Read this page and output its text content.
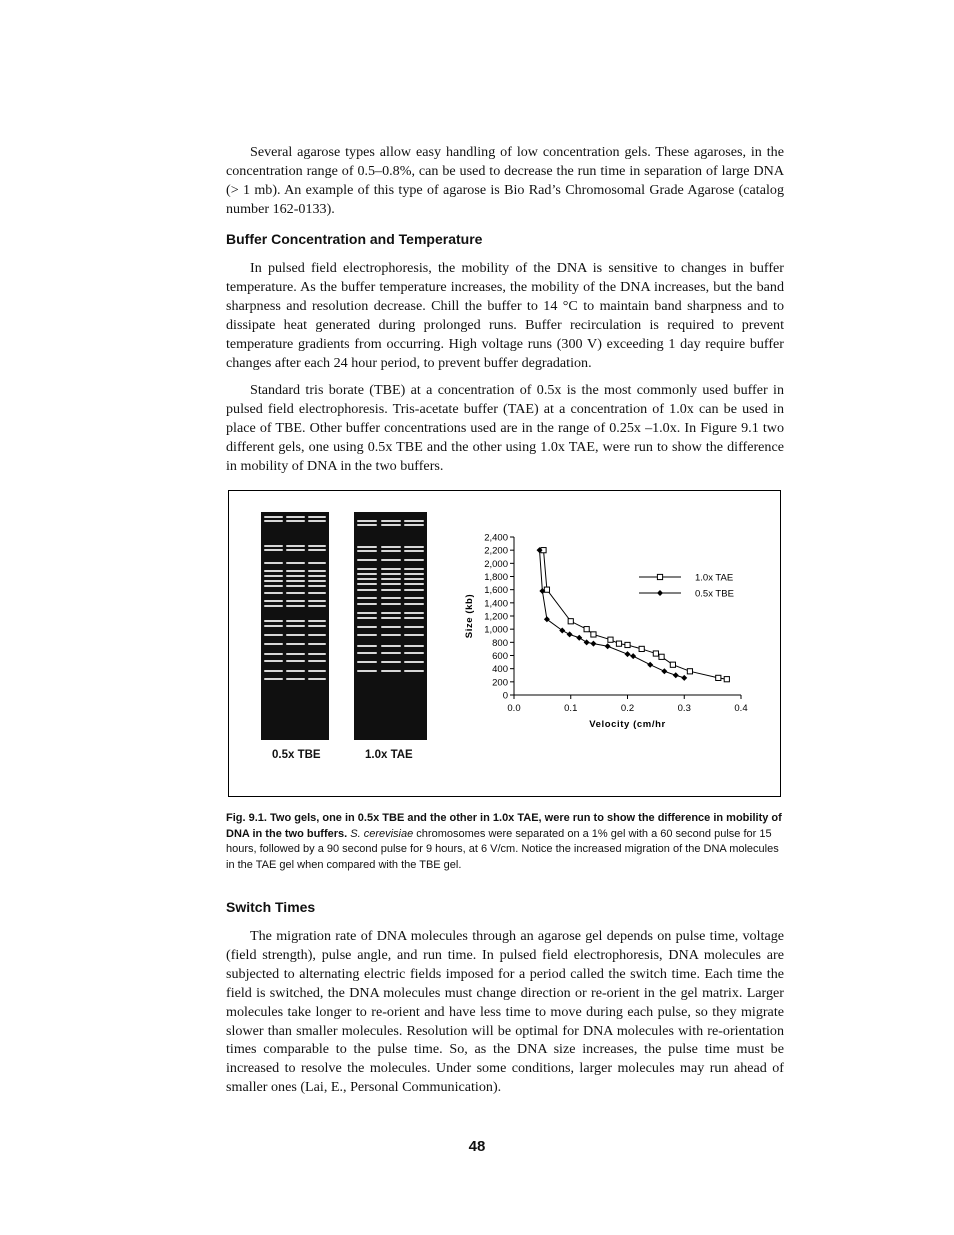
Several agarose types allow easy handling of low concentration gels. These agaroses, in the concentration range of 0.5–0.8%, can be used to decrease the run time in separation of large DNA (> 1 mb). An example of this type of agarose is Bio Rad’s Chromosomal Grade Agarose (catalog number 162-0133).

Buffer Concentration and Temperature

In pulsed field electrophoresis, the mobility of the DNA is sensitive to changes in buffer temperature. As the buffer temperature increases, the mobility of the DNA increases, but the band sharpness and resolution decrease. Chill the buffer to 14 °C to maintain band sharpness and to dissipate heat generated during prolonged runs. Buffer recirculation is required to prevent temperature gradients from occurring. High voltage runs (300 V) exceeding 1 day require buffer changes after each 24 hour period, to prevent buffer degradation.

Standard tris borate (TBE) at a concentration of 0.5x is the most commonly used buffer in pulsed field electrophoresis. Tris-acetate buffer (TAE) at a concentration of 1.0x can be used in place of TBE. Other buffer concentrations used are in the range of 0.25x –1.0x. In Figure 9.1 two different gels, one using 0.5x TBE and the other using 1.0x TAE, were run to show the difference in mobility of DNA in the two buffers.

0.5x TBE	1.0x TAE
0
200
400
600
800
1,000
1,200
1,400
1,600
1,800
2,000
2,200
2,400
0.0	0.1	0.2	0.3	0.4
Velocity (cm/hr
Size (kb)
1.0x TAE
0.5x TBE
Fig. 9.1. Two gels, one in 0.5x TBE and the other in 1.0x TAE, were run to show the difference in mobility of DNA in the two buffers. S. cerevisiae chromosomes were separated on a 1% gel with a 60 second pulse for 15 hours, followed by a 90 second pulse for 9 hours, at 6 V/cm. Notice the increased migration of the DNA molecules in the TAE gel when compared with the TBE gel.
Switch Times

The migration rate of DNA molecules through an agarose gel depends on pulse time, voltage (field strength), pulse angle, and run time. In pulsed field electrophoresis, DNA molecules are subjected to alternating electric fields imposed for a period called the switch time. Each time the field is switched, the DNA molecules must change direction or re-orient in the gel matrix. Larger molecules take longer to re-orient and have less time to move during each pulse, so they migrate slower than smaller molecules. Resolution will be optimal for DNA molecules with re-orientation times comparable to the pulse time. So, as the DNA size increases, the pulse time must be increased to resolve the molecules. Under some conditions, larger molecules may run ahead of smaller ones (Lai, E., Personal Communication).

48
